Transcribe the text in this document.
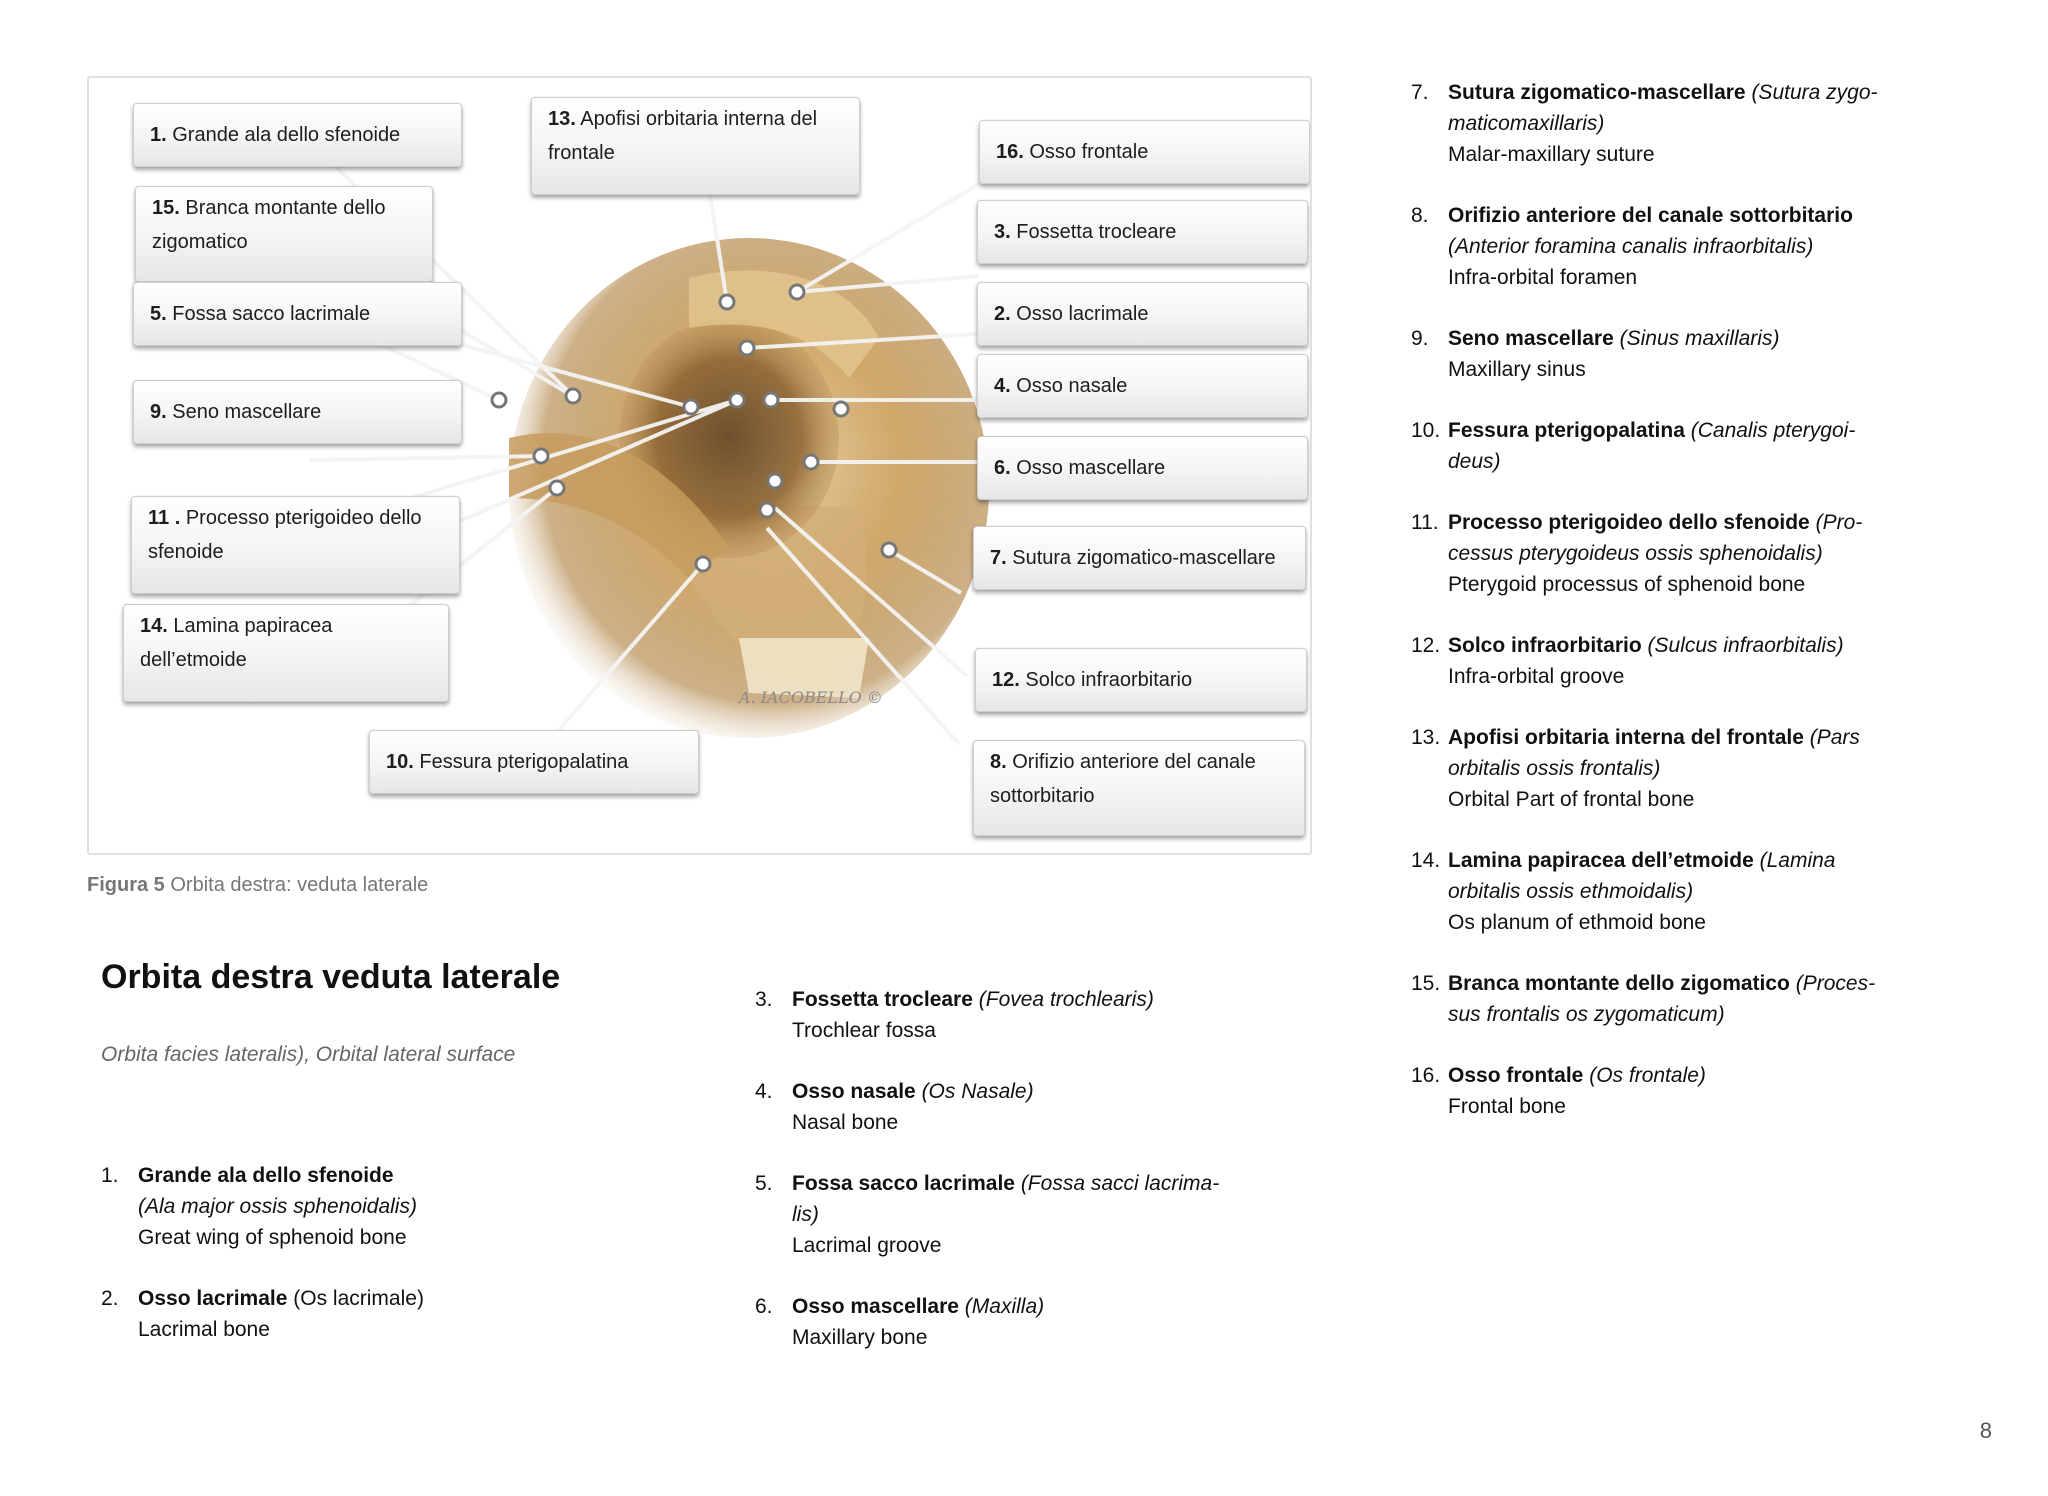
A. IACOBELLO ©
1. Grande ala dello sfenoide
13. Apofisi orbitaria interna del
frontale	16. Osso frontale
15. Branca montante dello
zigomatico	3. Fossetta trocleare
5. Fossa sacco lacrimale	2. Osso lacrimale
4. Osso nasale
9. Seno mascellare
6. Osso mascellare
11 . Processo pterigoideo dello
sfenoide	7. Sutura zigomatico-mascellare
14. Lamina papiracea
dell’etmoide
12. Solco infraorbitario
10. Fessura pterigopalatina	8. Orifizio anteriore del canale
sottorbitario
Figura 5 Orbita destra: veduta laterale
Orbita destra veduta laterale
Orbita facies lateralis), Orbital lateral surface
1. Grande ala dello sfenoide
(Ala major ossis sphenoidalis)
Great wing of sphenoid bone
2. Osso lacrimale (Os lacrimale)
Lacrimal bone
3. Fossetta trocleare (Fovea trochlearis)
Trochlear fossa
4. Osso nasale (Os Nasale)
Nasal bone
5. Fossa sacco lacrimale (Fossa sacci lacrima-
lis)
Lacrimal groove
6. Osso mascellare (Maxilla)
Maxillary bone
7. Sutura zigomatico-mascellare (Sutura zygo-
maticomaxillaris)
Malar-maxillary suture
8. Orifizio anteriore del canale sottorbitario
(Anterior foramina canalis infraorbitalis)
Infra-orbital foramen
9. Seno mascellare (Sinus maxillaris)
Maxillary sinus
10. Fessura pterigopalatina (Canalis pterygoi-
deus)
11. Processo pterigoideo dello sfenoide (Pro-
cessus pterygoideus ossis sphenoidalis)
Pterygoid processus of sphenoid bone
12. Solco infraorbitario (Sulcus infraorbitalis)
Infra-orbital groove
13. Apofisi orbitaria interna del frontale (Pars
orbitalis ossis frontalis)
Orbital Part of frontal bone
14. Lamina papiracea dell’etmoide (Lamina
orbitalis ossis ethmoidalis)
Os planum of ethmoid bone
15. Branca montante dello zigomatico (Proces-
sus frontalis os zygomaticum)
16. Osso frontale (Os frontale)
Frontal bone
8
